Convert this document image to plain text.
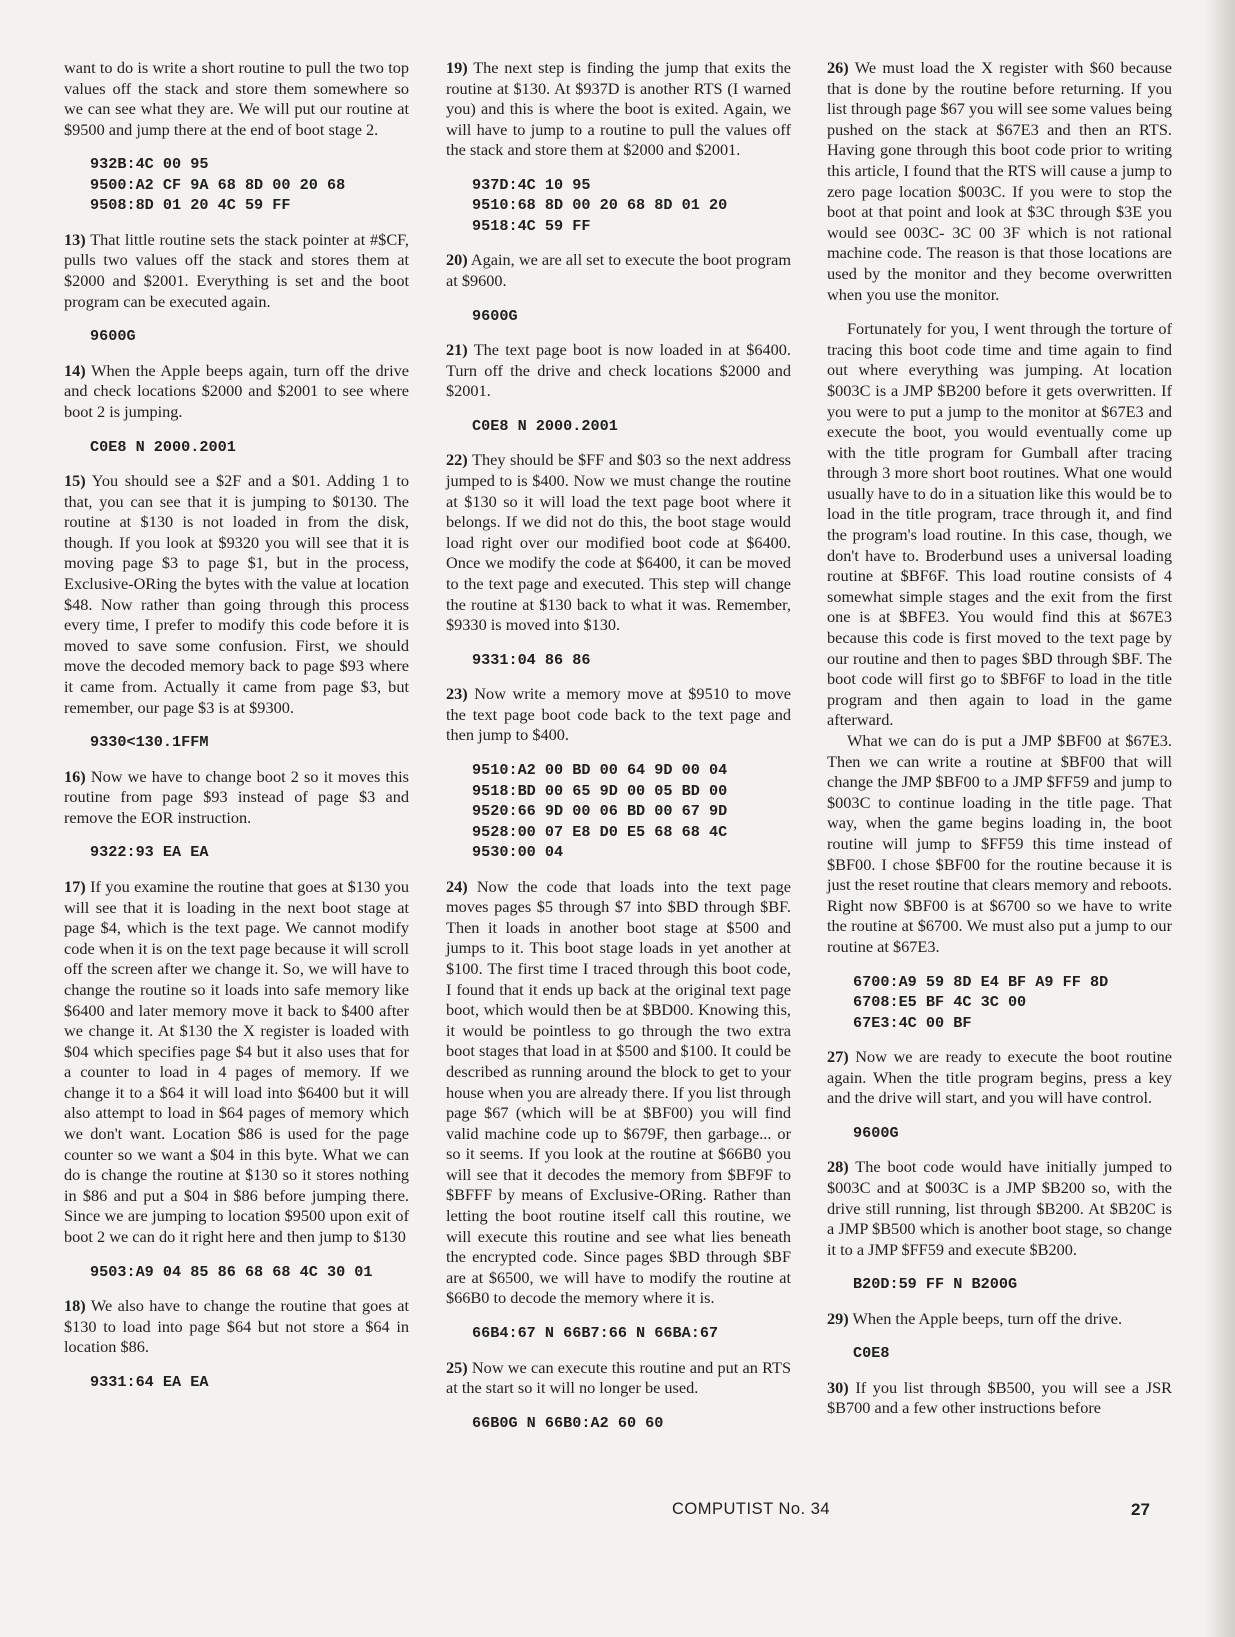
want to do is write a short routine to pull the two top values off the stack and store them somewhere so we can see what they are. We will put our routine at $9500 and jump there at the end of boot stage 2.

932B:4C 00 95
9500:A2 CF 9A 68 8D 00 20 68
9508:8D 01 20 4C 59 FF

13) That little routine sets the stack pointer at #$CF, pulls two values off the stack and stores them at $2000 and $2001. Everything is set and the boot program can be executed again.

9600G

14) When the Apple beeps again, turn off the drive and check locations $2000 and $2001 to see where boot 2 is jumping.

C0E8 N 2000.2001

15) You should see a $2F and a $01. Adding 1 to that, you can see that it is jumping to $0130. The routine at $130 is not loaded in from the disk, though. If you look at $9320 you will see that it is moving page $3 to page $1, but in the process, Exclusive-ORing the bytes with the value at location $48. Now rather than going through this process every time, I prefer to modify this code before it is moved to save some confusion. First, we should move the decoded memory back to page $93 where it came from. Actually it came from page $3, but remember, our page $3 is at $9300.

9330<130.1FFM

16) Now we have to change boot 2 so it moves this routine from page $93 instead of page $3 and remove the EOR instruction.

9322:93 EA EA

17) If you examine the routine that goes at $130 you will see that it is loading in the next boot stage at page $4, which is the text page. We cannot modify code when it is on the text page because it will scroll off the screen after we change it. So, we will have to change the routine so it loads into safe memory like $6400 and later memory move it back to $400 after we change it. At $130 the X register is loaded with $04 which specifies page $4 but it also uses that for a counter to load in 4 pages of memory. If we change it to a $64 it will load into $6400 but it will also attempt to load in $64 pages of memory which we don't want. Location $86 is used for the page counter so we want a $04 in this byte. What we can do is change the routine at $130 so it stores nothing in $86 and put a $04 in $86 before jumping there. Since we are jumping to location $9500 upon exit of boot 2 we can do it right here and then jump to $130

9503:A9 04 85 86 68 68 4C 30 01

18) We also have to change the routine that goes at $130 to load into page $64 but not store a $64 in location $86.

9331:64 EA EA

19) The next step is finding the jump that exits the routine at $130. At $937D is another RTS (I warned you) and this is where the boot is exited. Again, we will have to jump to a routine to pull the values off the stack and store them at $2000 and $2001.

937D:4C 10 95
9510:68 8D 00 20 68 8D 01 20
9518:4C 59 FF

20) Again, we are all set to execute the boot program at $9600.

9600G

21) The text page boot is now loaded in at $6400. Turn off the drive and check locations $2000 and $2001.

C0E8 N 2000.2001

22) They should be $FF and $03 so the next address jumped to is $400. Now we must change the routine at $130 so it will load the text page boot where it belongs. If we did not do this, the boot stage would load right over our modified boot code at $6400. Once we modify the code at $6400, it can be moved to the text page and executed. This step will change the routine at $130 back to what it was. Remember, $9330 is moved into $130.

9331:04 86 86

23) Now write a memory move at $9510 to move the text page boot code back to the text page and then jump to $400.

9510:A2 00 BD 00 64 9D 00 04
9518:BD 00 65 9D 00 05 BD 00
9520:66 9D 00 06 BD 00 67 9D
9528:00 07 E8 D0 E5 68 68 4C
9530:00 04

24) Now the code that loads into the text page moves pages $5 through $7 into $BD through $BF. Then it loads in another boot stage at $500 and jumps to it. This boot stage loads in yet another at $100. The first time I traced through this boot code, I found that it ends up back at the original text page boot, which would then be at $BD00. Knowing this, it would be pointless to go through the two extra boot stages that load in at $500 and $100. It could be described as running around the block to get to your house when you are already there. If you list through page $67 (which will be at $BF00) you will find valid machine code up to $679F, then garbage... or so it seems. If you look at the routine at $66B0 you will see that it decodes the memory from $BF9F to $BFFF by means of Exclusive-ORing. Rather than letting the boot routine itself call this routine, we will execute this routine and see what lies beneath the encrypted code. Since pages $BD through $BF are at $6500, we will have to modify the routine at $66B0 to decode the memory where it is.

66B4:67 N 66B7:66 N 66BA:67

25) Now we can execute this routine and put an RTS at the start so it will no longer be used.

66B0G N 66B0:A2 60 60

26) We must load the X register with $60 because that is done by the routine before returning. If you list through page $67 you will see some values being pushed on the stack at $67E3 and then an RTS. Having gone through this boot code prior to writing this article, I found that the RTS will cause a jump to zero page location $003C. If you were to stop the boot at that point and look at $3C through $3E you would see 003C- 3C 00 3F which is not rational machine code. The reason is that those locations are used by the monitor and they become overwritten when you use the monitor.

Fortunately for you, I went through the torture of tracing this boot code time and time again to find out where everything was jumping. At location $003C is a JMP $B200 before it gets overwritten. If you were to put a jump to the monitor at $67E3 and execute the boot, you would eventually come up with the title program for Gumball after tracing through 3 more short boot routines. What one would usually have to do in a situation like this would be to load in the title program, trace through it, and find the program's load routine. In this case, though, we don't have to. Broderbund uses a universal loading routine at $BF6F. This load routine consists of 4 somewhat simple stages and the exit from the first one is at $BFE3. You would find this at $67E3 because this code is first moved to the text page by our routine and then to pages $BD through $BF. The boot code will first go to $BF6F to load in the title program and then again to load in the game afterward.

What we can do is put a JMP $BF00 at $67E3. Then we can write a routine at $BF00 that will change the JMP $BF00 to a JMP $FF59 and jump to $003C to continue loading in the title page. That way, when the game begins loading in, the boot routine will jump to $FF59 this time instead of $BF00. I chose $BF00 for the routine because it is just the reset routine that clears memory and reboots. Right now $BF00 is at $6700 so we have to write the routine at $6700. We must also put a jump to our routine at $67E3.

6700:A9 59 8D E4 BF A9 FF 8D
6708:E5 BF 4C 3C 00
67E3:4C 00 BF

27) Now we are ready to execute the boot routine again. When the title program begins, press a key and the drive will start, and you will have control.

9600G

28) The boot code would have initially jumped to $003C and at $003C is a JMP $B200 so, with the drive still running, list through $B200. At $B20C is a JMP $B500 which is another boot stage, so change it to a JMP $FF59 and execute $B200.

B20D:59 FF N B200G

29) When the Apple beeps, turn off the drive.

C0E8

30) If you list through $B500, you will see a JSR $B700 and a few other instructions before

COMPUTIST No. 34	27
